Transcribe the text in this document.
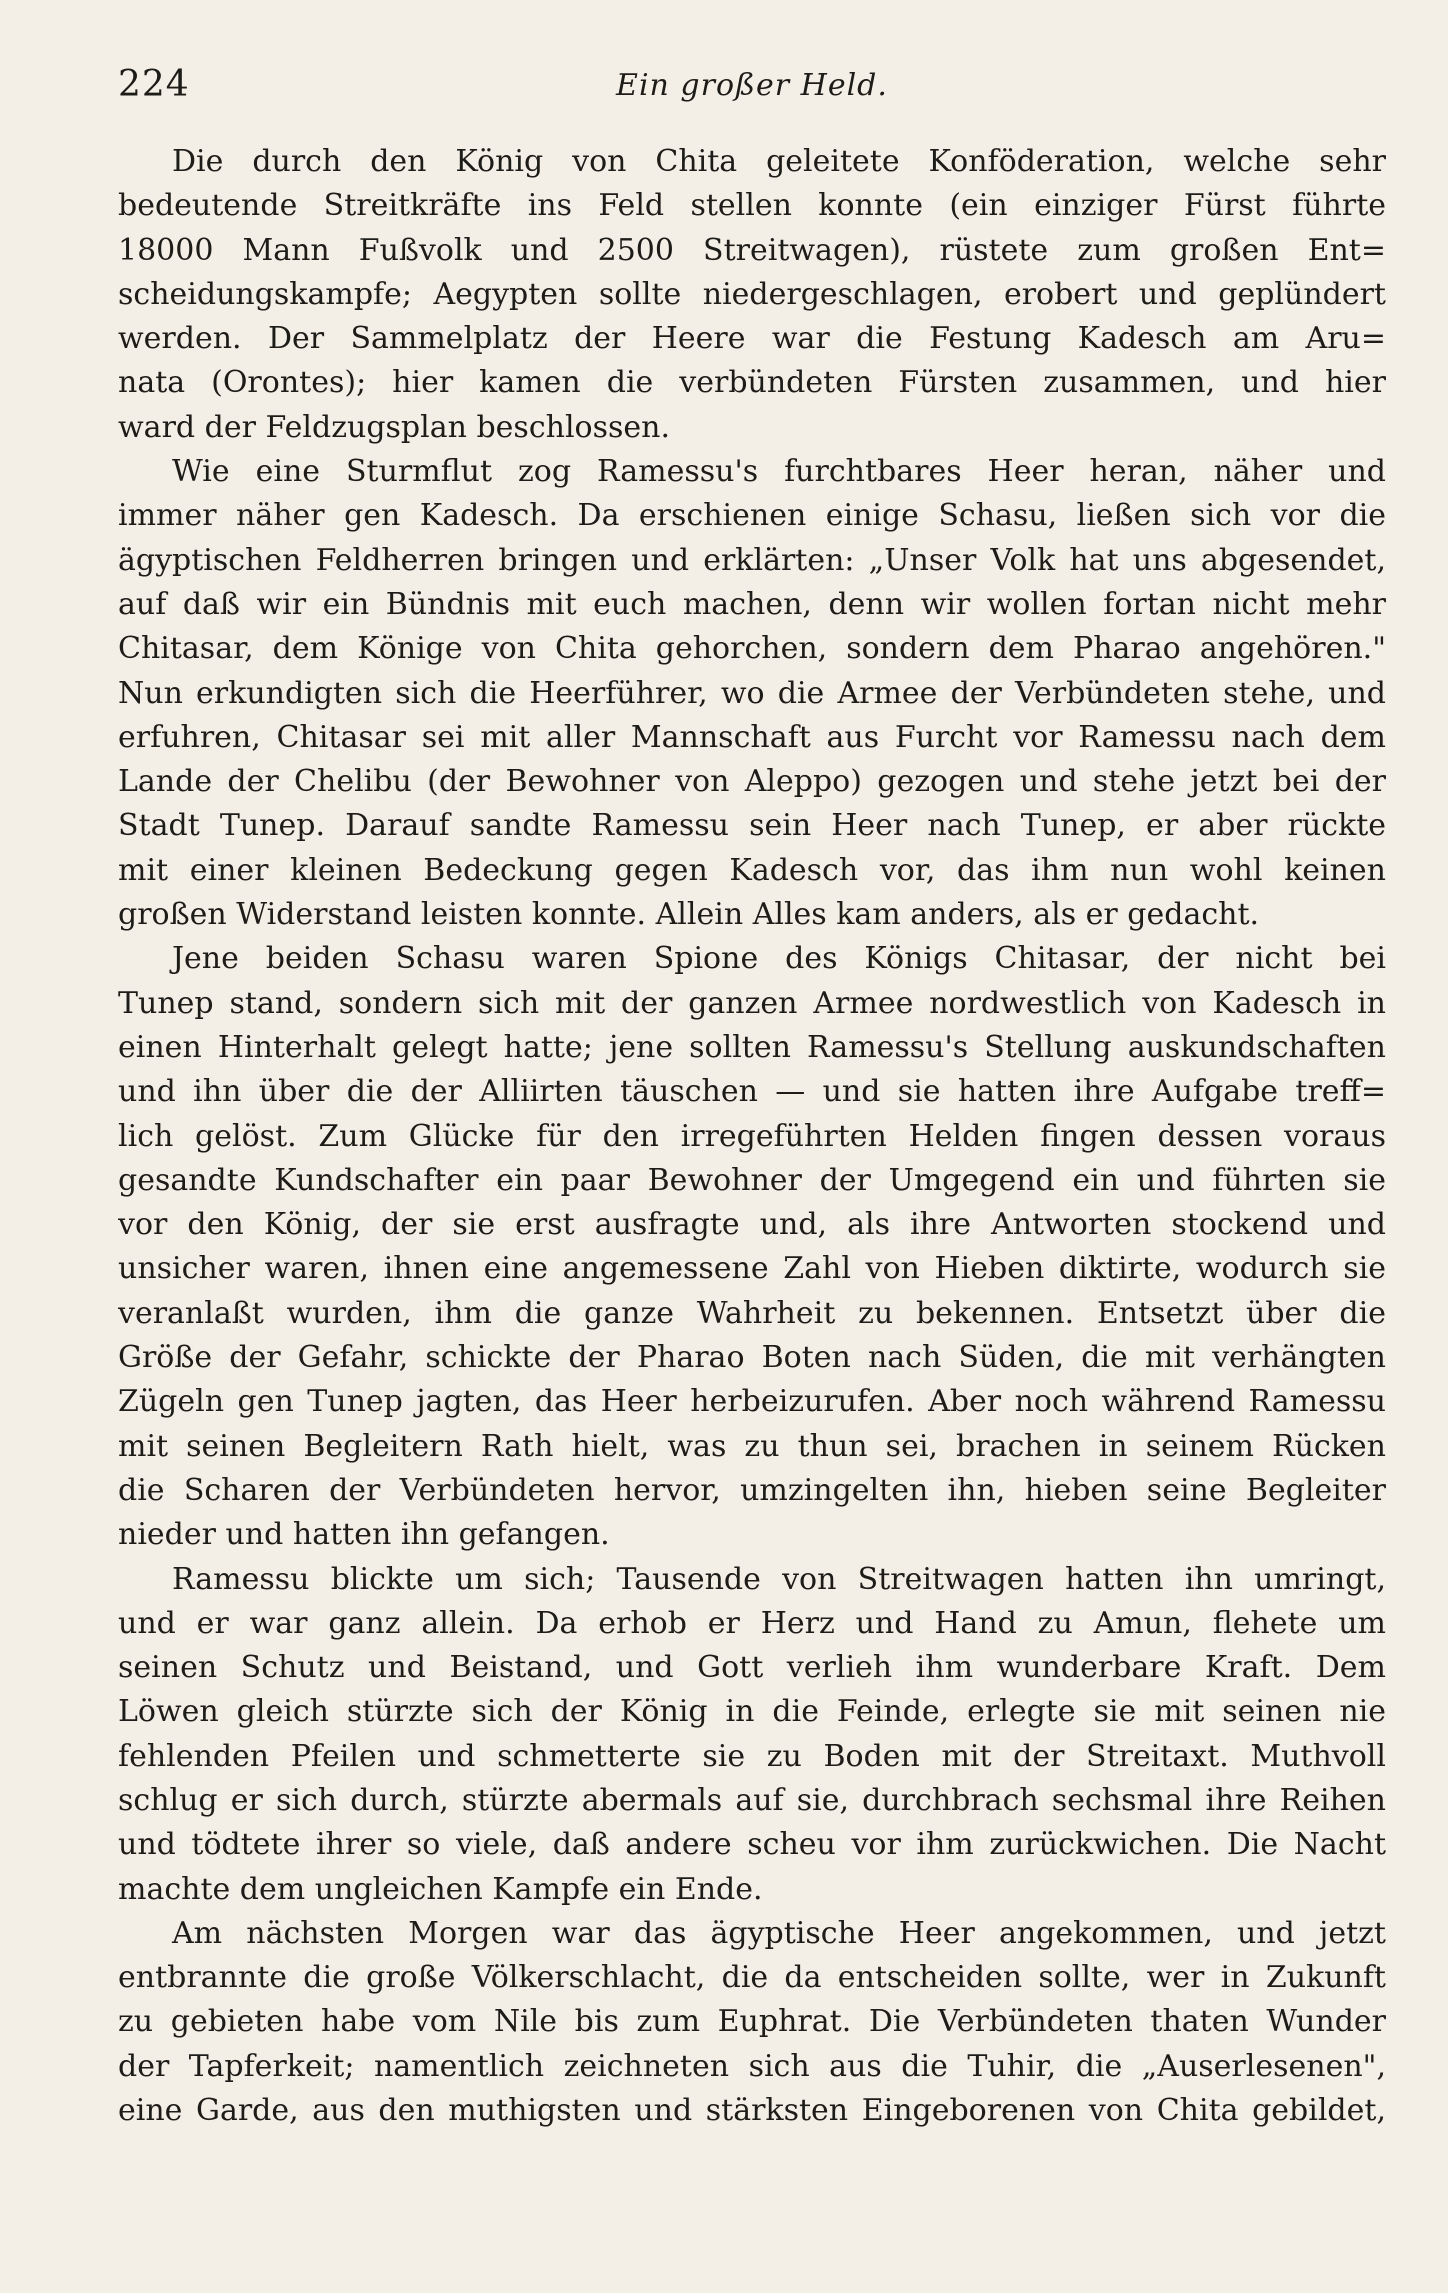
224	Ein großer Held.
Die durch den König von Chita geleitete Konföderation, welche sehr
bedeutende Streitkräfte ins Feld stellen konnte (ein einziger Fürst führte
18000 Mann Fußvolk und 2500 Streitwagen), rüstete zum großen Ent=
scheidungskampfe; Aegypten sollte niedergeschlagen, erobert und geplündert
werden. Der Sammelplatz der Heere war die Festung Kadesch am Aru=
nata (Orontes); hier kamen die verbündeten Fürsten zusammen, und hier
ward der Feldzugsplan beschlossen.
Wie eine Sturmflut zog Ramessu's furchtbares Heer heran, näher und
immer näher gen Kadesch. Da erschienen einige Schasu, ließen sich vor die
ägyptischen Feldherren bringen und erklärten: „Unser Volk hat uns abgesendet,
auf daß wir ein Bündnis mit euch machen, denn wir wollen fortan nicht mehr
Chitasar, dem Könige von Chita gehorchen, sondern dem Pharao angehören."
Nun erkundigten sich die Heerführer, wo die Armee der Verbündeten stehe, und
erfuhren, Chitasar sei mit aller Mannschaft aus Furcht vor Ramessu nach dem
Lande der Chelibu (der Bewohner von Aleppo) gezogen und stehe jetzt bei der
Stadt Tunep. Darauf sandte Ramessu sein Heer nach Tunep, er aber rückte
mit einer kleinen Bedeckung gegen Kadesch vor, das ihm nun wohl keinen
großen Widerstand leisten konnte. Allein Alles kam anders, als er gedacht.
Jene beiden Schasu waren Spione des Königs Chitasar, der nicht bei
Tunep stand, sondern sich mit der ganzen Armee nordwestlich von Kadesch in
einen Hinterhalt gelegt hatte; jene sollten Ramessu's Stellung auskundschaften
und ihn über die der Alliirten täuschen — und sie hatten ihre Aufgabe treff=
lich gelöst. Zum Glücke für den irregeführten Helden fingen dessen voraus
gesandte Kundschafter ein paar Bewohner der Umgegend ein und führten sie
vor den König, der sie erst ausfragte und, als ihre Antworten stockend und
unsicher waren, ihnen eine angemessene Zahl von Hieben diktirte, wodurch sie
veranlaßt wurden, ihm die ganze Wahrheit zu bekennen. Entsetzt über die
Größe der Gefahr, schickte der Pharao Boten nach Süden, die mit verhängten
Zügeln gen Tunep jagten, das Heer herbeizurufen. Aber noch während Ramessu
mit seinen Begleitern Rath hielt, was zu thun sei, brachen in seinem Rücken
die Scharen der Verbündeten hervor, umzingelten ihn, hieben seine Begleiter
nieder und hatten ihn gefangen.
Ramessu blickte um sich; Tausende von Streitwagen hatten ihn umringt,
und er war ganz allein. Da erhob er Herz und Hand zu Amun, flehete um
seinen Schutz und Beistand, und Gott verlieh ihm wunderbare Kraft. Dem
Löwen gleich stürzte sich der König in die Feinde, erlegte sie mit seinen nie
fehlenden Pfeilen und schmetterte sie zu Boden mit der Streitaxt. Muthvoll
schlug er sich durch, stürzte abermals auf sie, durchbrach sechsmal ihre Reihen
und tödtete ihrer so viele, daß andere scheu vor ihm zurückwichen. Die Nacht
machte dem ungleichen Kampfe ein Ende.
Am nächsten Morgen war das ägyptische Heer angekommen, und jetzt
entbrannte die große Völkerschlacht, die da entscheiden sollte, wer in Zukunft
zu gebieten habe vom Nile bis zum Euphrat. Die Verbündeten thaten Wunder
der Tapferkeit; namentlich zeichneten sich aus die Tuhir, die „Auserlesenen",
eine Garde, aus den muthigsten und stärksten Eingeborenen von Chita gebildet,
